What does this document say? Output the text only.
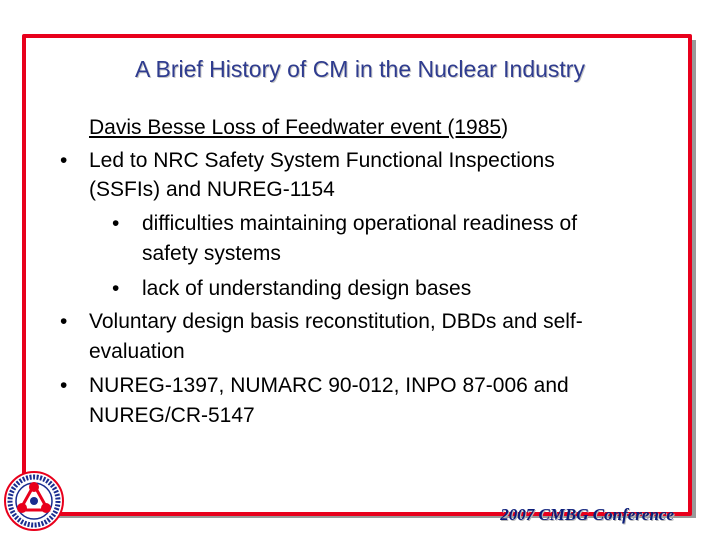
A Brief History of CM in the Nuclear Industry
Davis Besse Loss of Feedwater event (1985)
• Led to NRC Safety System Functional Inspections
(SSFIs) and NUREG-1154
• difficulties maintaining operational readiness of
safety systems
• lack of understanding design bases
• Voluntary design basis reconstitution, DBDs and self-
evaluation
• NUREG-1397, NUMARC 90-012, INPO 87-006 and
NUREG/CR-5147
2007 CMBG Conference
